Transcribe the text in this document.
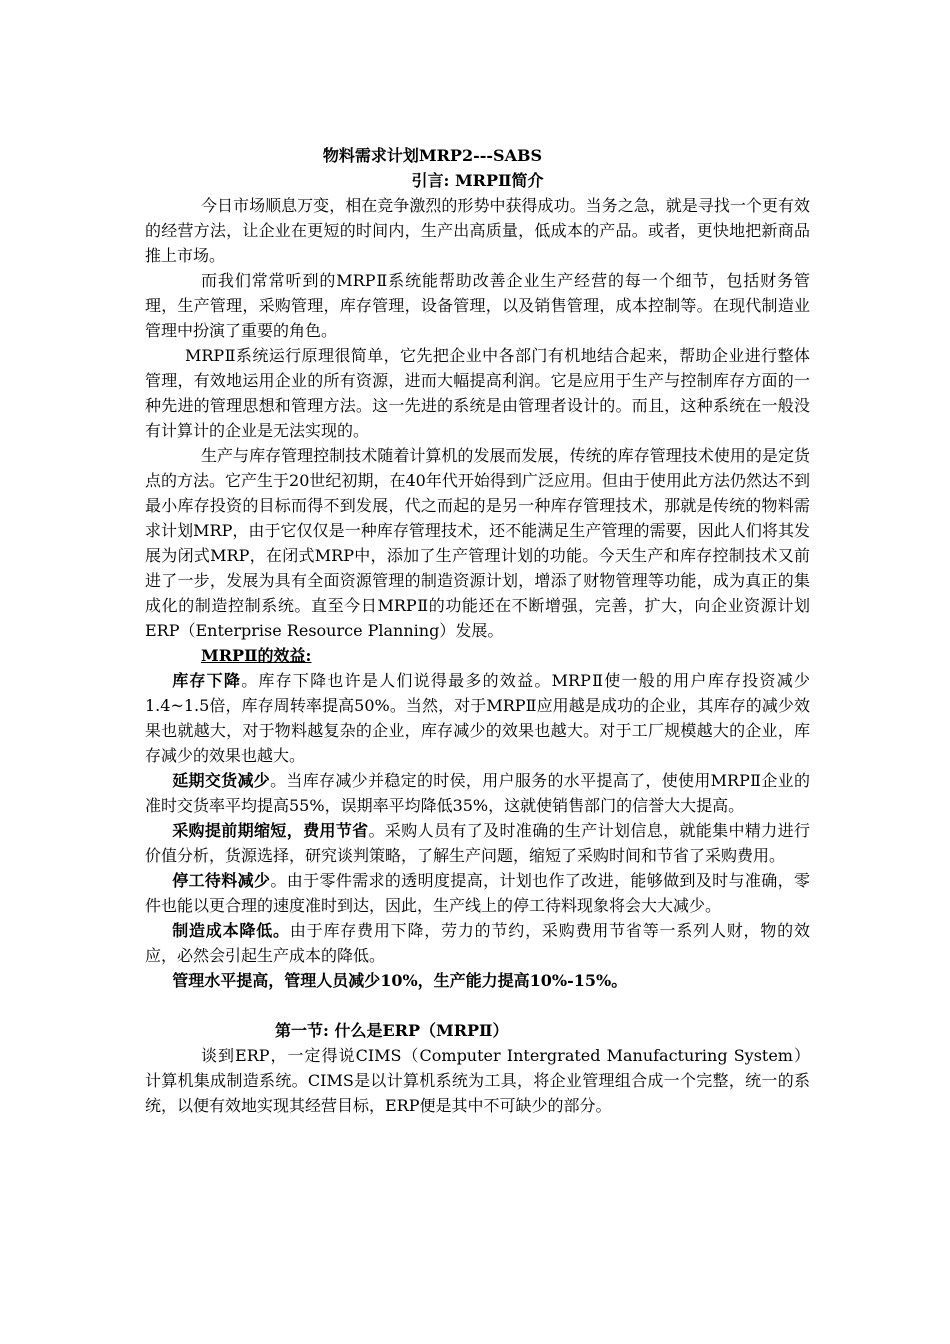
物料需求计划MRP2---SABS
引言: MRPⅡ简介

今日市场顺息万变，相在竞争激烈的形势中获得成功。当务之急，就是寻找一个更有效的经营方法，让企业在更短的时间内，生产出高质量，低成本的产品。或者，更快地把新商品推上市场。

而我们常常听到的MRPⅡ系统能帮助改善企业生产经营的每一个细节，包括财务管理，生产管理，采购管理，库存管理，设备管理，以及销售管理，成本控制等。在现代制造业管理中扮演了重要的角色。

MRPⅡ系统运行原理很简单，它先把企业中各部门有机地结合起来，帮助企业进行整体管理，有效地运用企业的所有资源，进而大幅提高利润。它是应用于生产与控制库存方面的一种先进的管理思想和管理方法。这一先进的系统是由管理者设计的。而且，这种系统在一般没有计算计的企业是无法实现的。

生产与库存管理控制技术随着计算机的发展而发展，传统的库存管理技术使用的是定货点的方法。它产生于20世纪初期，在40年代开始得到广泛应用。但由于使用此方法仍然达不到最小库存投资的目标而得不到发展，代之而起的是另一种库存管理技术，那就是传统的物料需求计划MRP，由于它仅仅是一种库存管理技术，还不能满足生产管理的需要，因此人们将其发展为闭式MRP，在闭式MRP中，添加了生产管理计划的功能。今天生产和库存控制技术又前进了一步，发展为具有全面资源管理的制造资源计划，增添了财物管理等功能，成为真正的集成化的制造控制系统。直至今日MRPⅡ的功能还在不断增强，完善，扩大，向企业资源计划ERP（Enterprise Resource Planning）发展。

MRPⅡ的效益:

库存下降。库存下降也许是人们说得最多的效益。MRPⅡ使一般的用户库存投资减少1.4~1.5倍，库存周转率提高50%。当然，对于MRPⅡ应用越是成功的企业，其库存的减少效果也就越大，对于物料越复杂的企业，库存减少的效果也越大。对于工厂规模越大的企业，库存减少的效果也越大。

延期交货减少。当库存减少并稳定的时侯，用户服务的水平提高了，使使用MRPⅡ企业的准时交货率平均提高55%，误期率平均降低35%，这就使销售部门的信誉大大提高。

采购提前期缩短，费用节省。采购人员有了及时准确的生产计划信息，就能集中精力进行价值分析，货源选择，研究谈判策略，了解生产问题，缩短了采购时间和节省了采购费用。

停工待料减少。由于零件需求的透明度提高，计划也作了改进，能够做到及时与准确，零件也能以更合理的速度准时到达，因此，生产线上的停工待料现象将会大大减少。

制造成本降低。由于库存费用下降，劳力的节约，采购费用节省等一系列人财，物的效应，必然会引起生产成本的降低。

管理水平提高，管理人员减少10%，生产能力提高10%-15%。

第一节: 什么是ERP（MRPⅡ）

谈到ERP，一定得说CIMS（Computer Intergrated Manufacturing System）计算机集成制造系统。CIMS是以计算机系统为工具，将企业管理组合成一个完整，统一的系统，以便有效地实现其经营目标，ERP便是其中不可缺少的部分。
